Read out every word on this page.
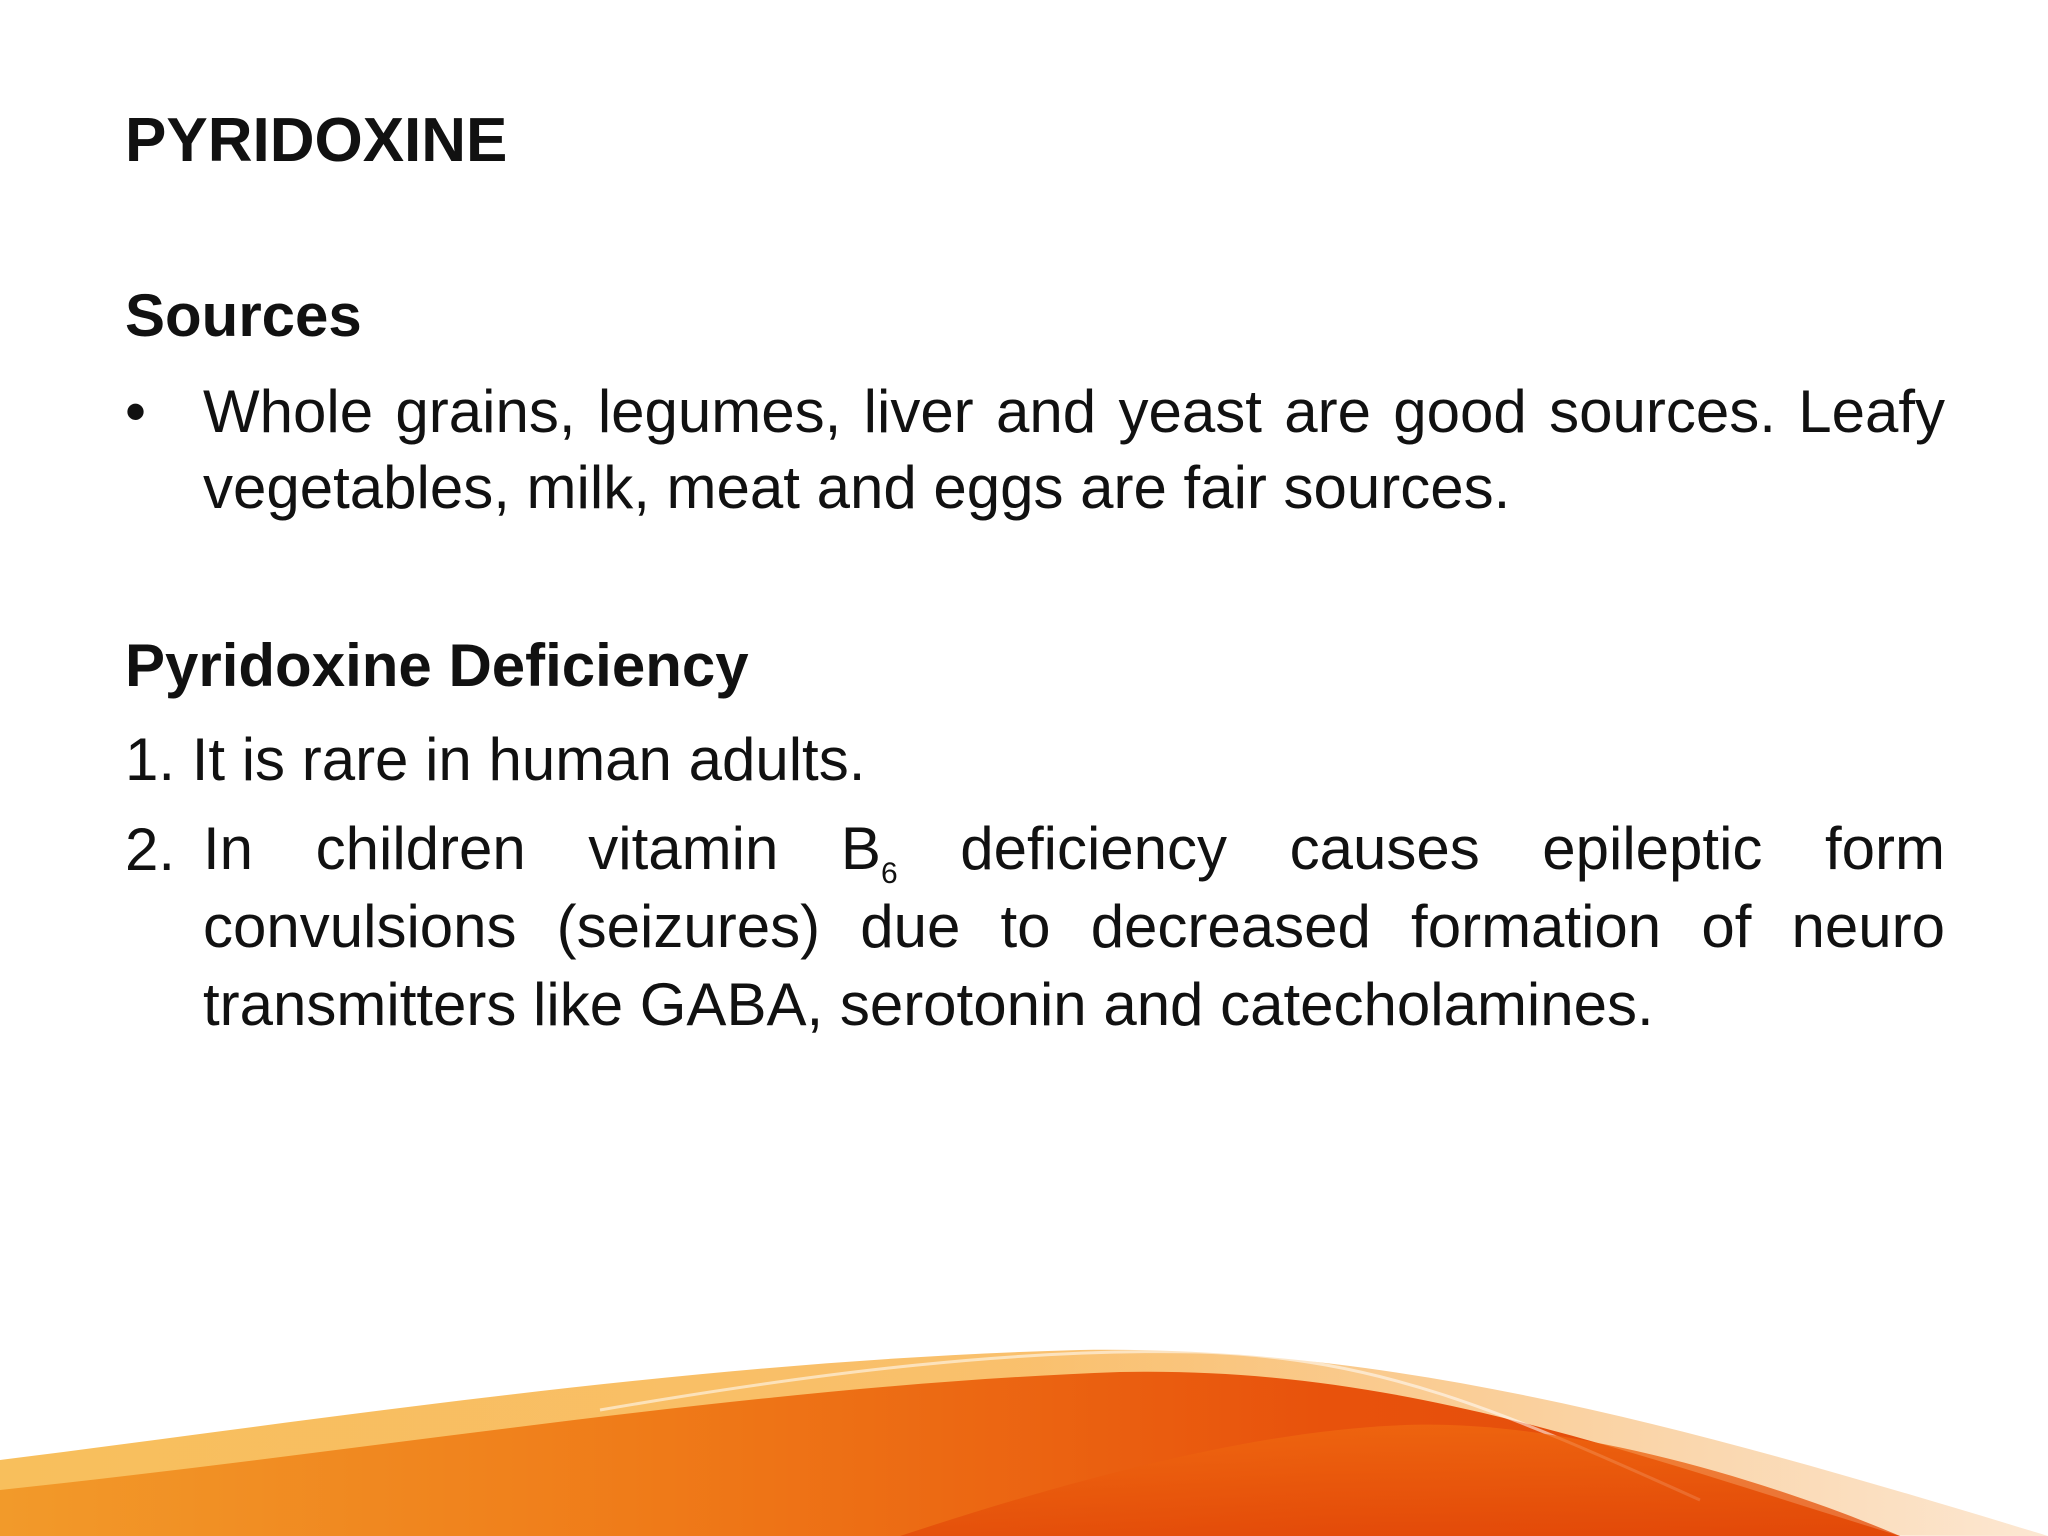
PYRIDOXINE
Sources
• Whole grains, legumes, liver and yeast are good sources. Leafy vegetables, milk, meat and eggs are fair sources.
Pyridoxine Deficiency
1. It is rare in human adults.
2. In children vitamin $B_6$ deficiency causes epileptic form convulsions (seizures) due to decreased formation of neuro transmitters like GABA, serotonin and catecholamines.
